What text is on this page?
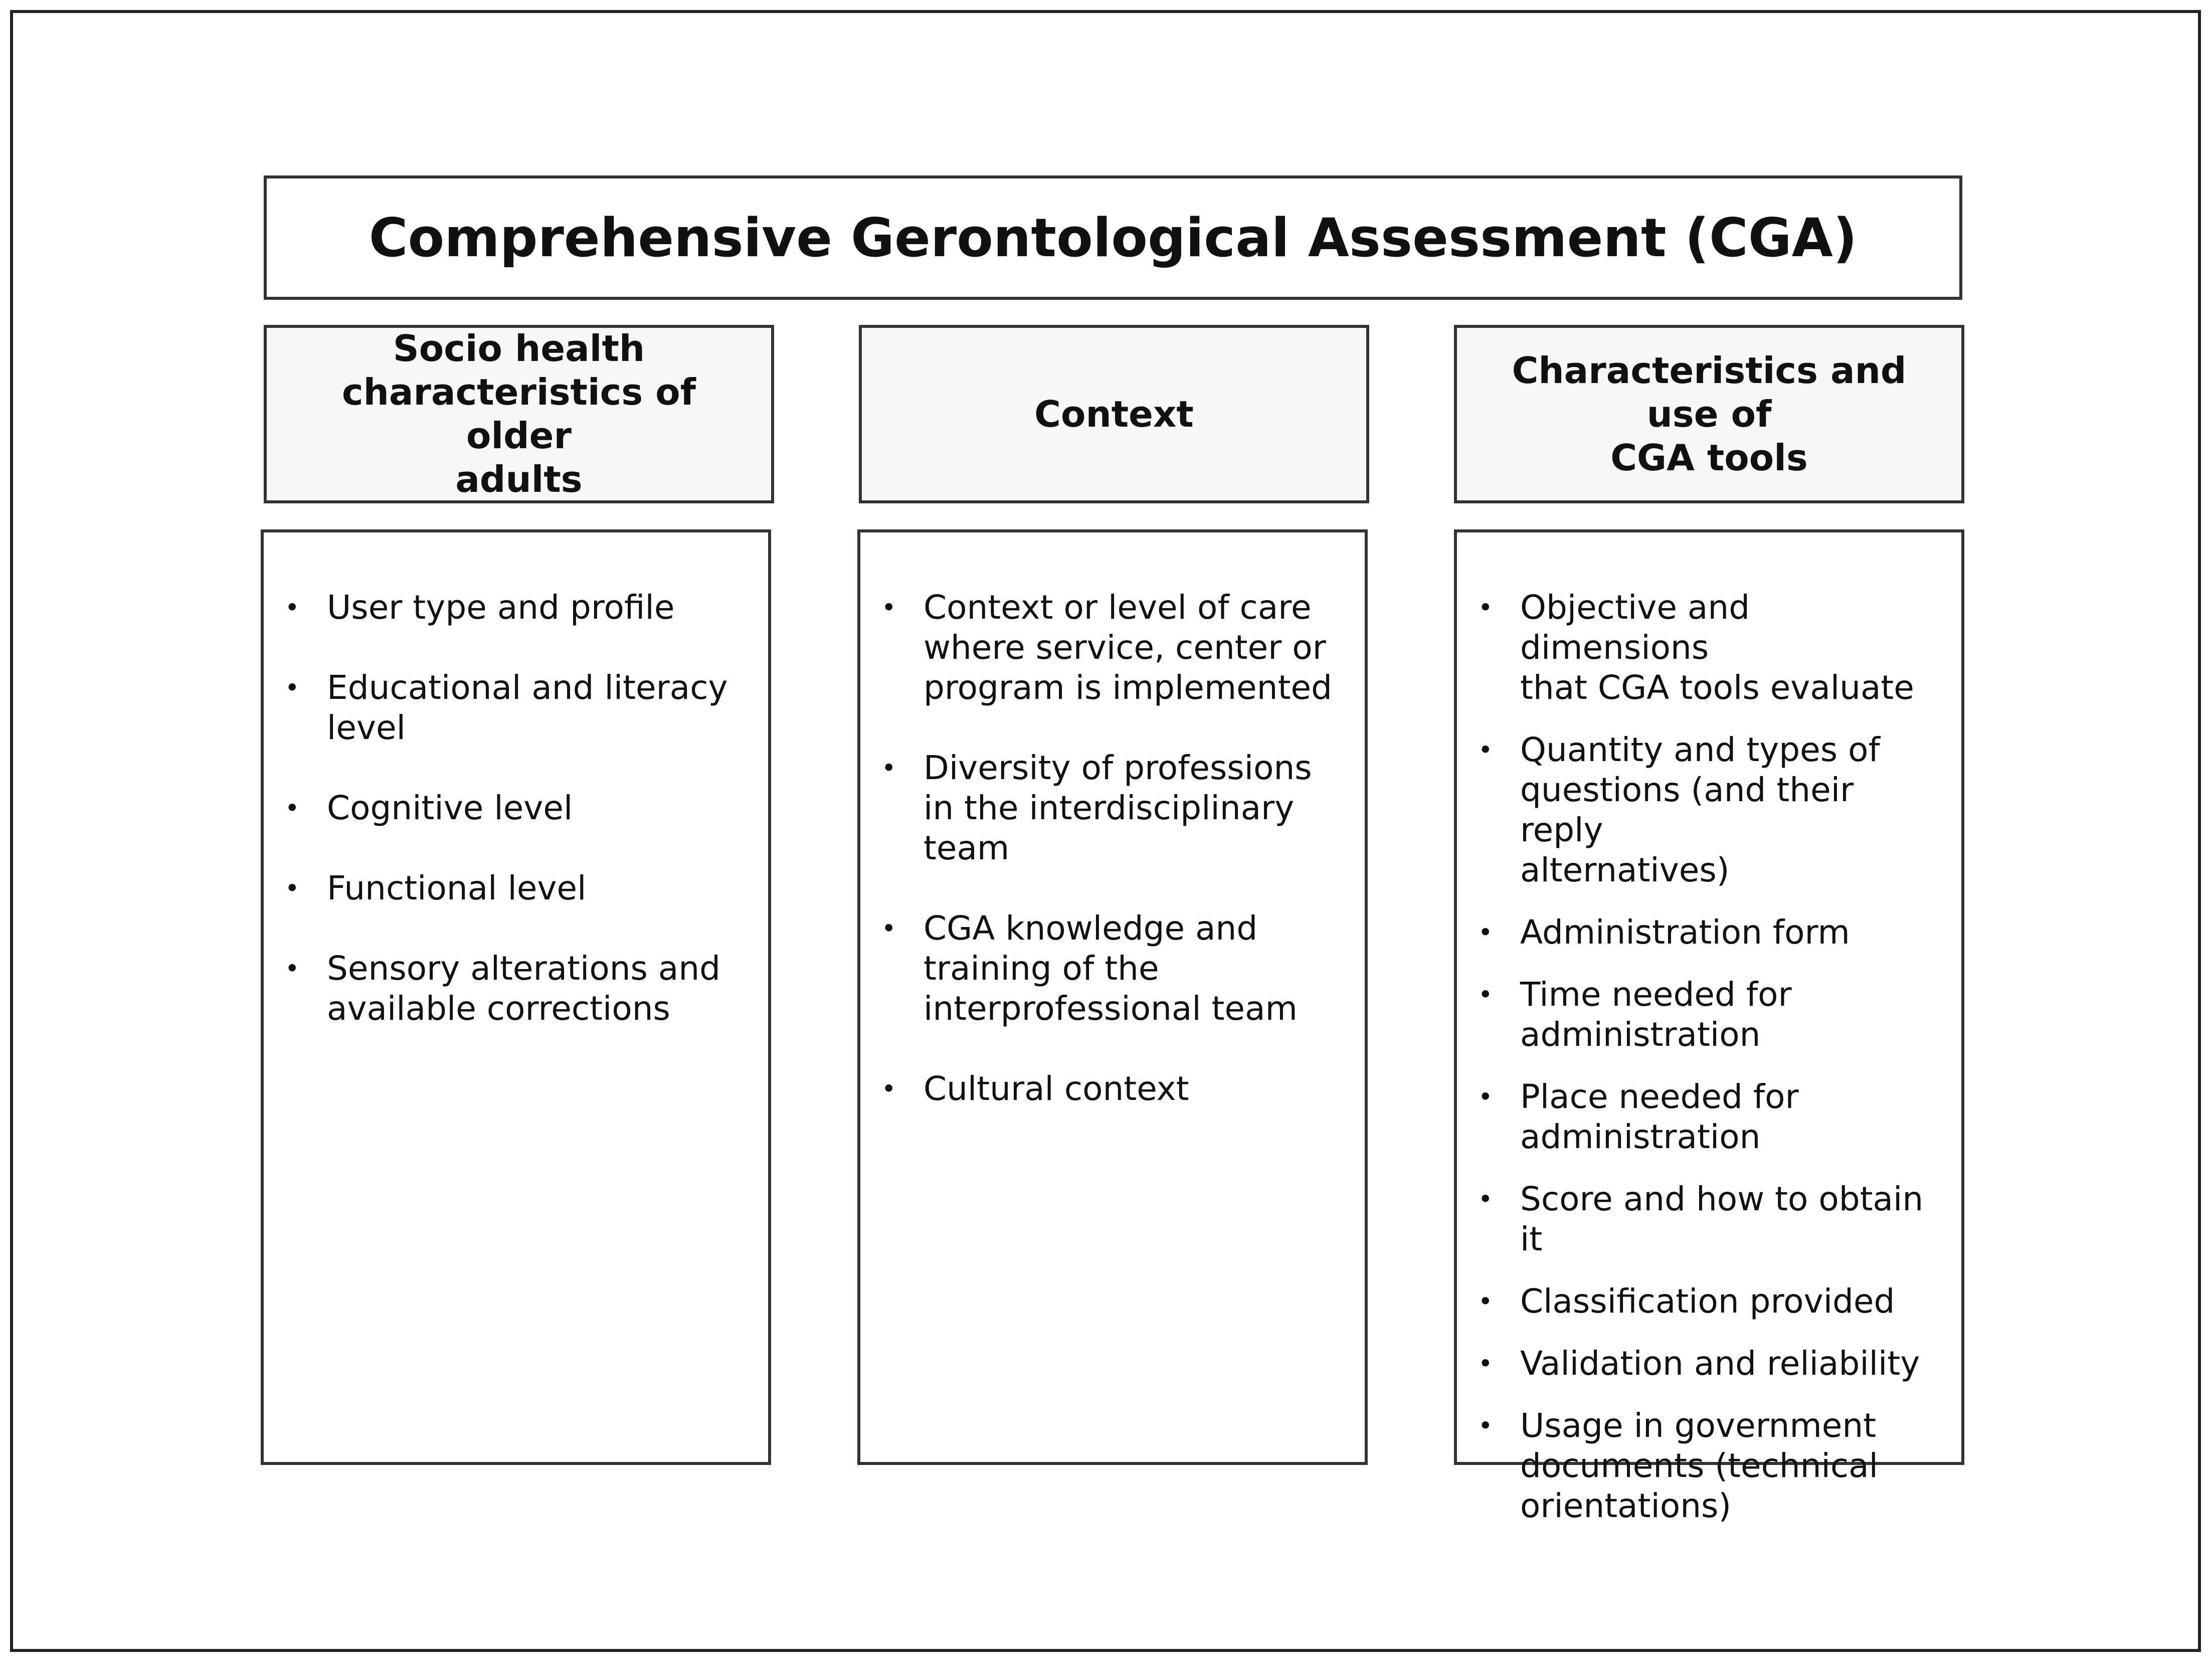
Comprehensive Gerontological Assessment (CGA)
Socio health
characteristics of older
adults
Context
Characteristics and use of
CGA tools
• User type and profile
• Educational and literacy
level
• Cognitive level
• Functional level
• Sensory alterations and
available corrections
• Context or level of care
where service, center or
program is implemented
• Diversity of professions
in the interdisciplinary
team
• CGA knowledge and
training of the
interprofessional team
• Cultural context
• Objective and dimensions
that CGA tools evaluate
• Quantity and types of
questions (and their reply
alternatives)
• Administration form
• Time needed for
administration
• Place needed for
administration
• Score and how to obtain
it
• Classification provided
• Validation and reliability
• Usage in government
documents (technical
orientations)
